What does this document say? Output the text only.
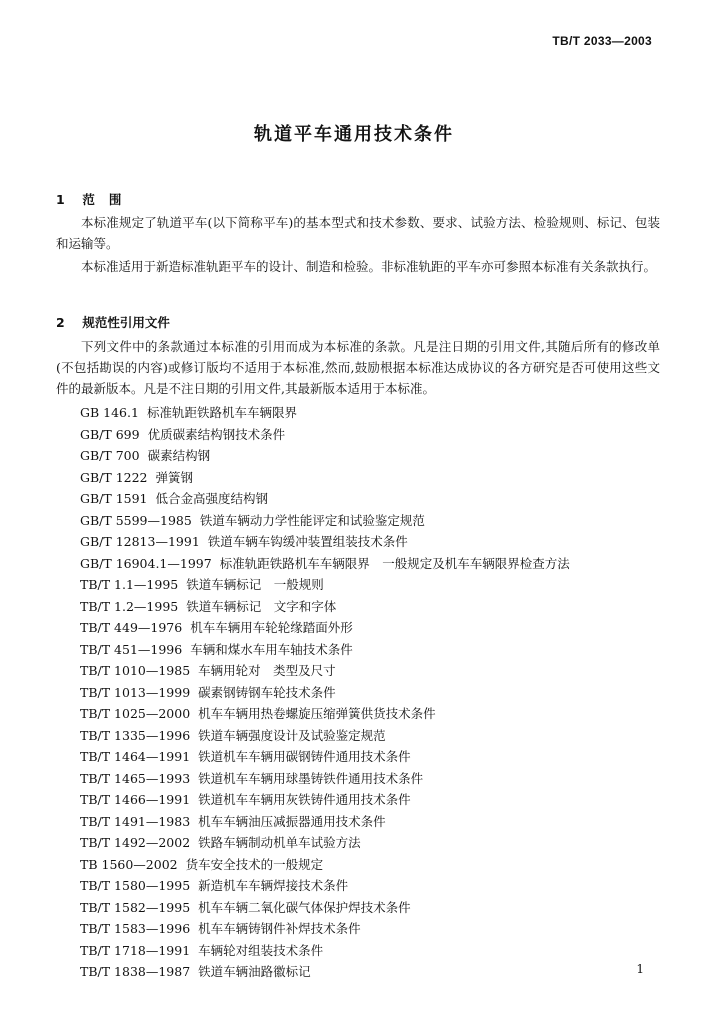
TB/T 2033—2003
轨道平车通用技术条件
1 范围
本标准规定了轨道平车(以下简称平车)的基本型式和技术参数、要求、试验方法、检验规则、标记、包装和运输等。
本标准适用于新造标准轨距平车的设计、制造和检验。非标准轨距的平车亦可参照本标准有关条款执行。
2 规范性引用文件
下列文件中的条款通过本标准的引用而成为本标准的条款。凡是注日期的引用文件,其随后所有的修改单(不包括勘误的内容)或修订版均不适用于本标准,然而,鼓励根据本标准达成协议的各方研究是否可使用这些文件的最新版本。凡是不注日期的引用文件,其最新版本适用于本标准。
GB 146.1 标准轨距铁路机车车辆限界
GB/T 699 优质碳素结构钢技术条件
GB/T 700 碳素结构钢
GB/T 1222 弹簧钢
GB/T 1591 低合金高强度结构钢
GB/T 5599—1985 铁道车辆动力学性能评定和试验鉴定规范
GB/T 12813—1991 铁道车辆车钩缓冲装置组装技术条件
GB/T 16904.1—1997 标准轨距铁路机车车辆限界　一般规定及机车车辆限界检查方法
TB/T 1.1—1995 铁道车辆标记　一般规则
TB/T 1.2—1995 铁道车辆标记　文字和字体
TB/T 449—1976 机车车辆用车轮轮缘踏面外形
TB/T 451—1996 车辆和煤水车用车轴技术条件
TB/T 1010—1985 车辆用轮对　类型及尺寸
TB/T 1013—1999 碳素钢铸钢车轮技术条件
TB/T 1025—2000 机车车辆用热卷螺旋压缩弹簧供货技术条件
TB/T 1335—1996 铁道车辆强度设计及试验鉴定规范
TB/T 1464—1991 铁道机车车辆用碳钢铸件通用技术条件
TB/T 1465—1993 铁道机车车辆用球墨铸铁件通用技术条件
TB/T 1466—1991 铁道机车车辆用灰铁铸件通用技术条件
TB/T 1491—1983 机车车辆油压减振器通用技术条件
TB/T 1492—2002 铁路车辆制动机单车试验方法
TB 1560—2002 货车安全技术的一般规定
TB/T 1580—1995 新造机车车辆焊接技术条件
TB/T 1582—1995 机车车辆二氧化碳气体保护焊技术条件
TB/T 1583—1996 机车车辆铸钢件补焊技术条件
TB/T 1718—1991 车辆轮对组装技术条件
TB/T 1838—1987 铁道车辆油路徽标记	1
